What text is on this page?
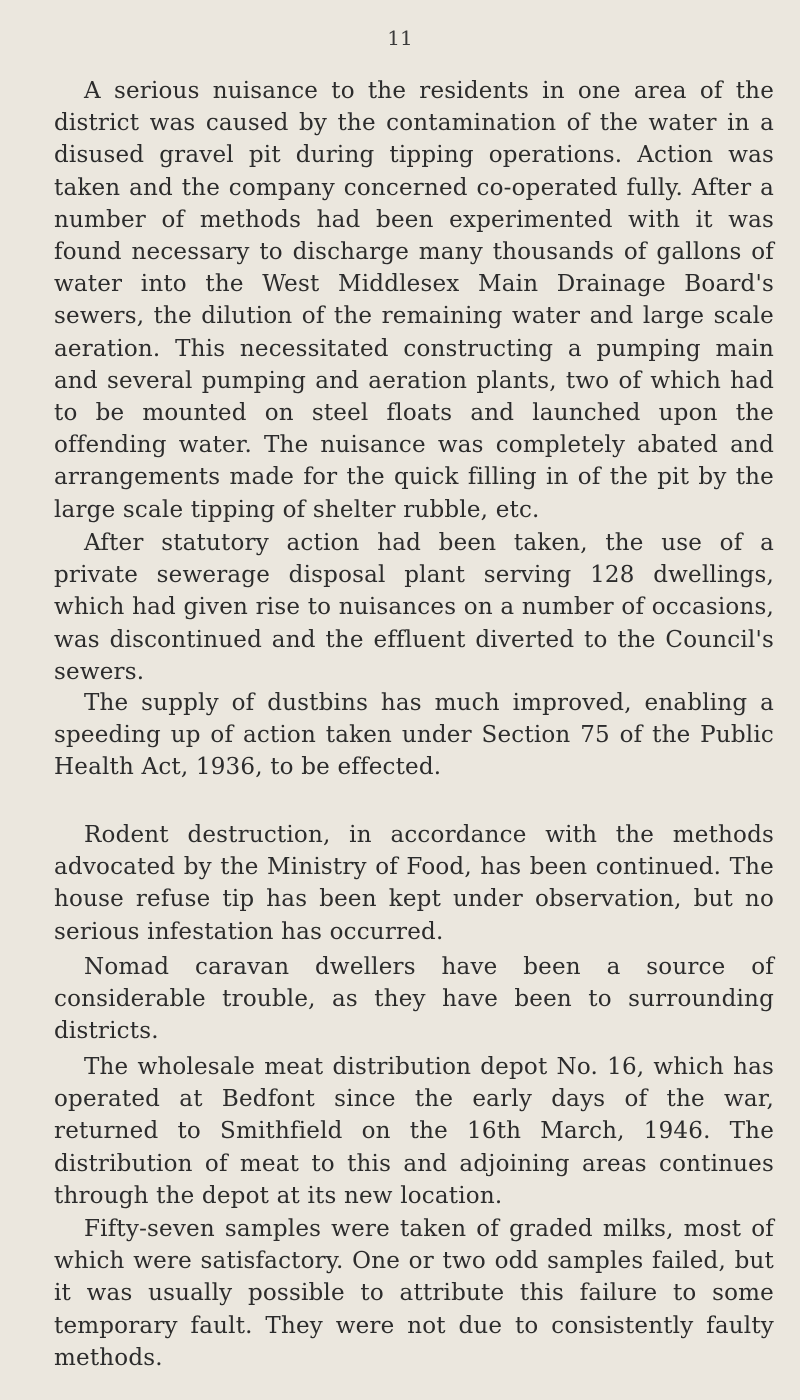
11

A serious nuisance to the residents in one area of the district was caused by the contamination of the water in a disused gravel pit during tipping operations. Action was taken and the company concerned co-operated fully. After a number of methods had been experimented with it was found necessary to discharge many thousands of gallons of water into the West Middlesex Main Drainage Board's sewers, the dilution of the remaining water and large scale aeration. This necessitated constructing a pumping main and several pumping and aeration plants, two of which had to be mounted on steel floats and launched upon the offending water. The nuisance was completely abated and arrangements made for the quick filling in of the pit by the large scale tipping of shelter rubble, etc.

After statutory action had been taken, the use of a private sewerage disposal plant serving 128 dwellings, which had given rise to nuisances on a number of occasions, was discontinued and the effluent diverted to the Council's sewers.

The supply of dustbins has much improved, enabling a speeding up of action taken under Section 75 of the Public Health Act, 1936, to be effected.

Rodent destruction, in accordance with the methods advocated by the Ministry of Food, has been continued. The house refuse tip has been kept under observation, but no serious infestation has occurred.

Nomad caravan dwellers have been a source of considerable trouble, as they have been to surrounding districts.

The wholesale meat distribution depot No. 16, which has operated at Bedfont since the early days of the war, returned to Smithfield on the 16th March, 1946. The distribution of meat to this and adjoining areas continues through the depot at its new location.

Fifty-seven samples were taken of graded milks, most of which were satisfactory. One or two odd samples failed, but it was usually possible to attribute this failure to some temporary fault. They were not due to consistently faulty methods.
